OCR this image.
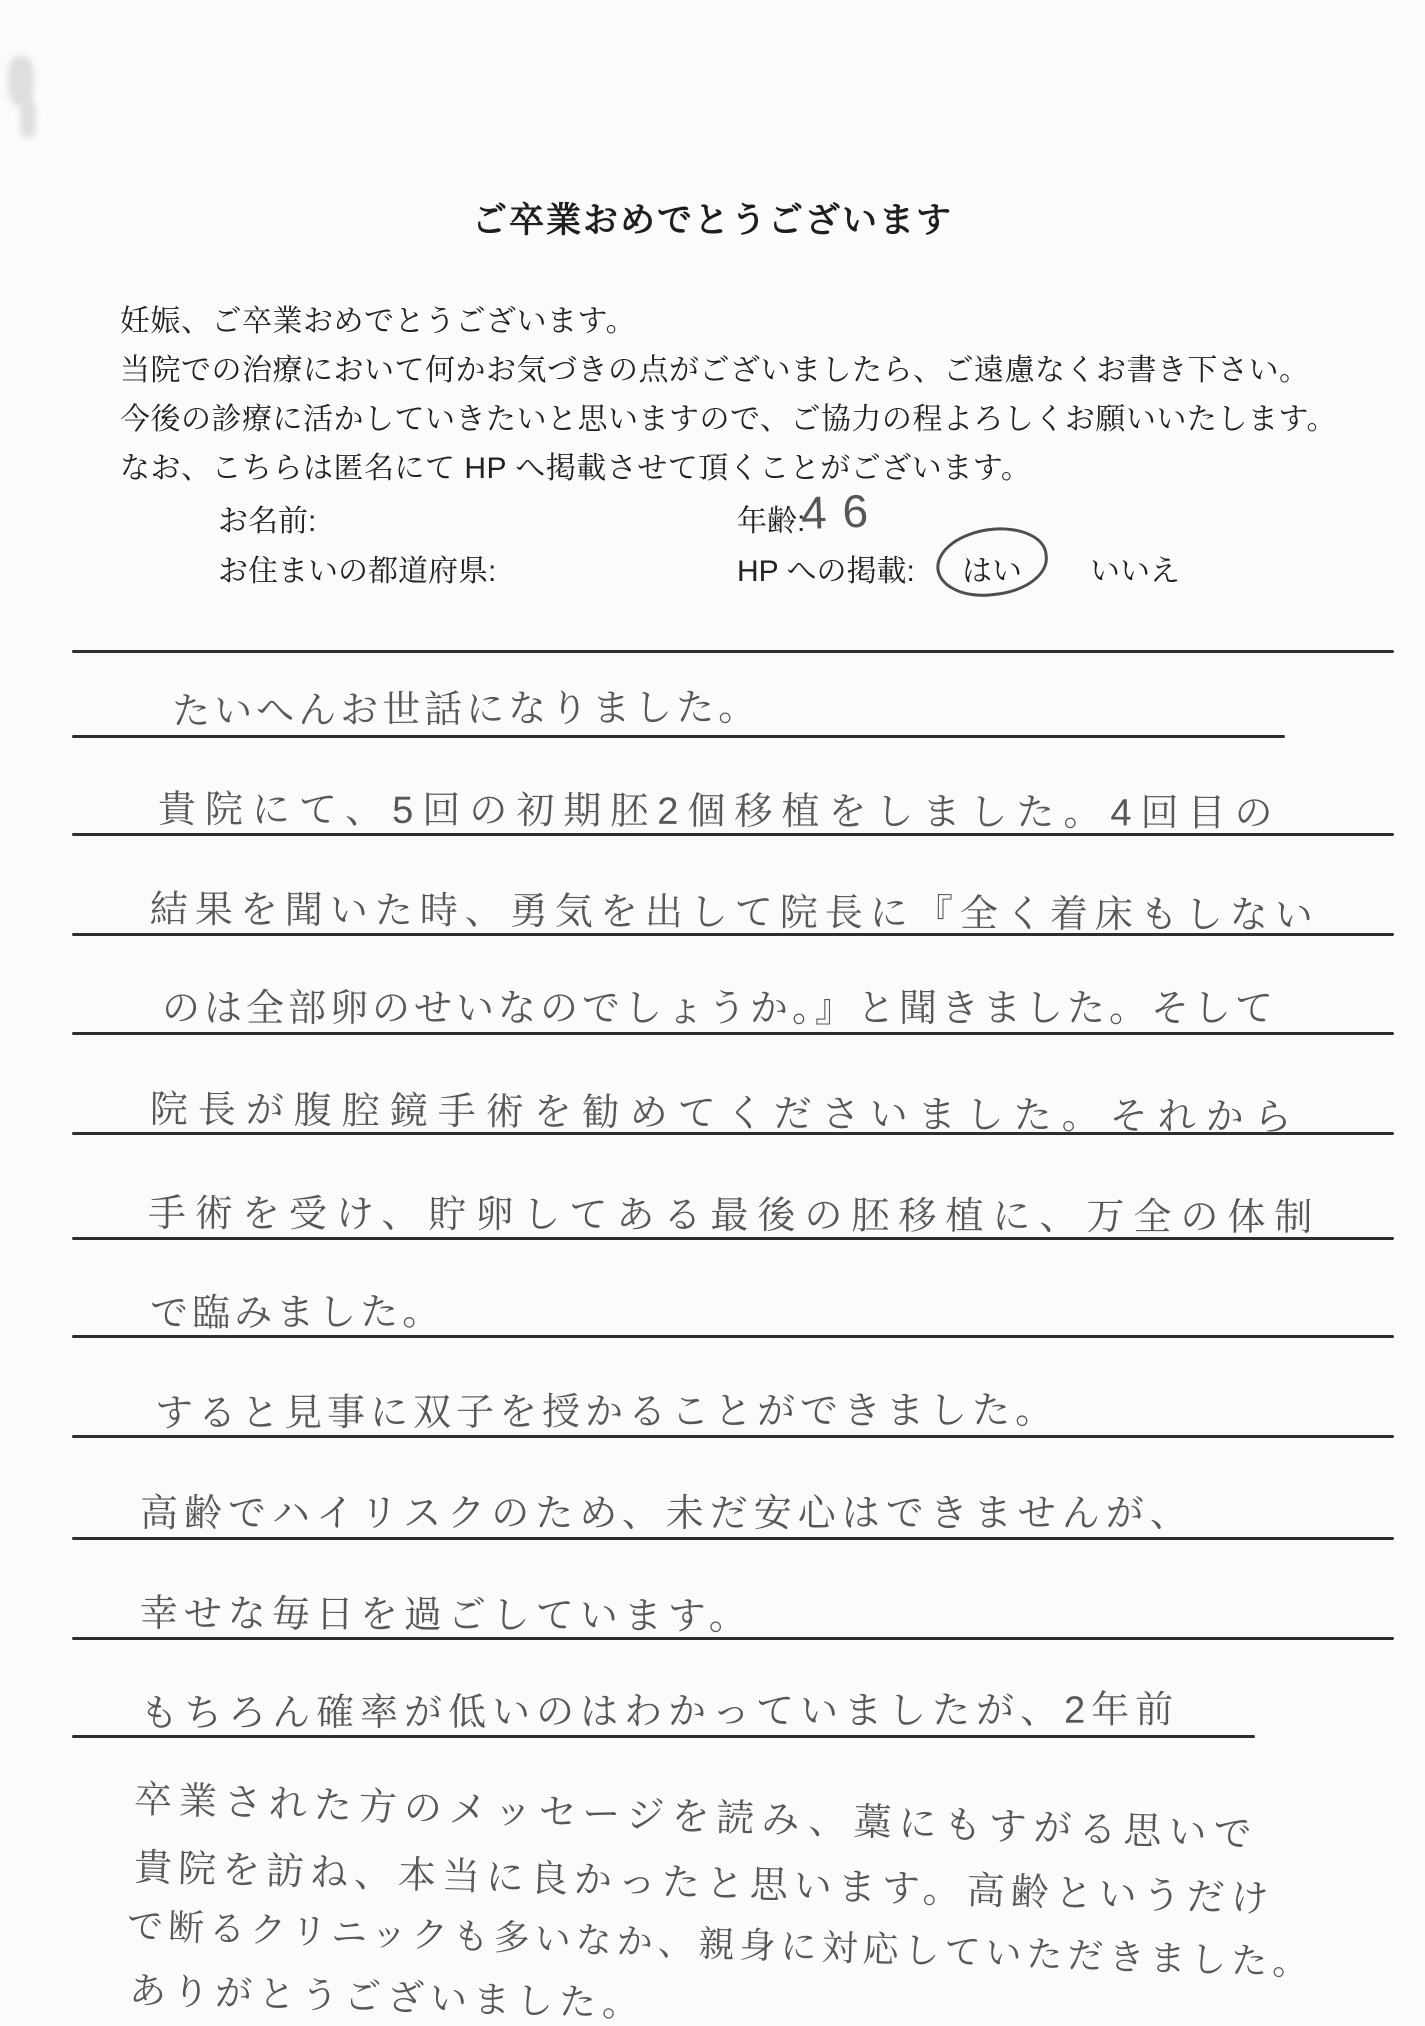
ご卒業おめでとうございます

妊娠、ご卒業おめでとうございます。

当院での治療において何かお気づきの点がございましたら、ご遠慮なくお書き下さい。

今後の診療に活かしていきたいと思いますので、ご協力の程よろしくお願いいたします。

なお、こちらは匿名にて HP へ掲載させて頂くことがございます。

お名前:	年齢:
46
お住まいの都道府県:	HP への掲載: はい いいえ
たいへんお世話になりました。
貴院にて、5回の初期胚2個移植をしました。4回目の
結果を聞いた時、勇気を出して院長に『全く着床もしない
のは全部卵のせいなのでしょうか。』と聞きました。そして
院長が腹腔鏡手術を勧めてくださいました。それから
手術を受け、貯卵してある最後の胚移植に、万全の体制
で臨みました。
すると見事に双子を授かることができました。
高齢でハイリスクのため、未だ安心はできませんが、
幸せな毎日を過ごしています。
もちろん確率が低いのはわかっていましたが、2年前
卒業された方のメッセージを読み、藁にもすがる思いで
貴院を訪ね、本当に良かったと思います。高齢というだけ
で断るクリニックも多いなか、親身に対応していただきました。
ありがとうございました。
